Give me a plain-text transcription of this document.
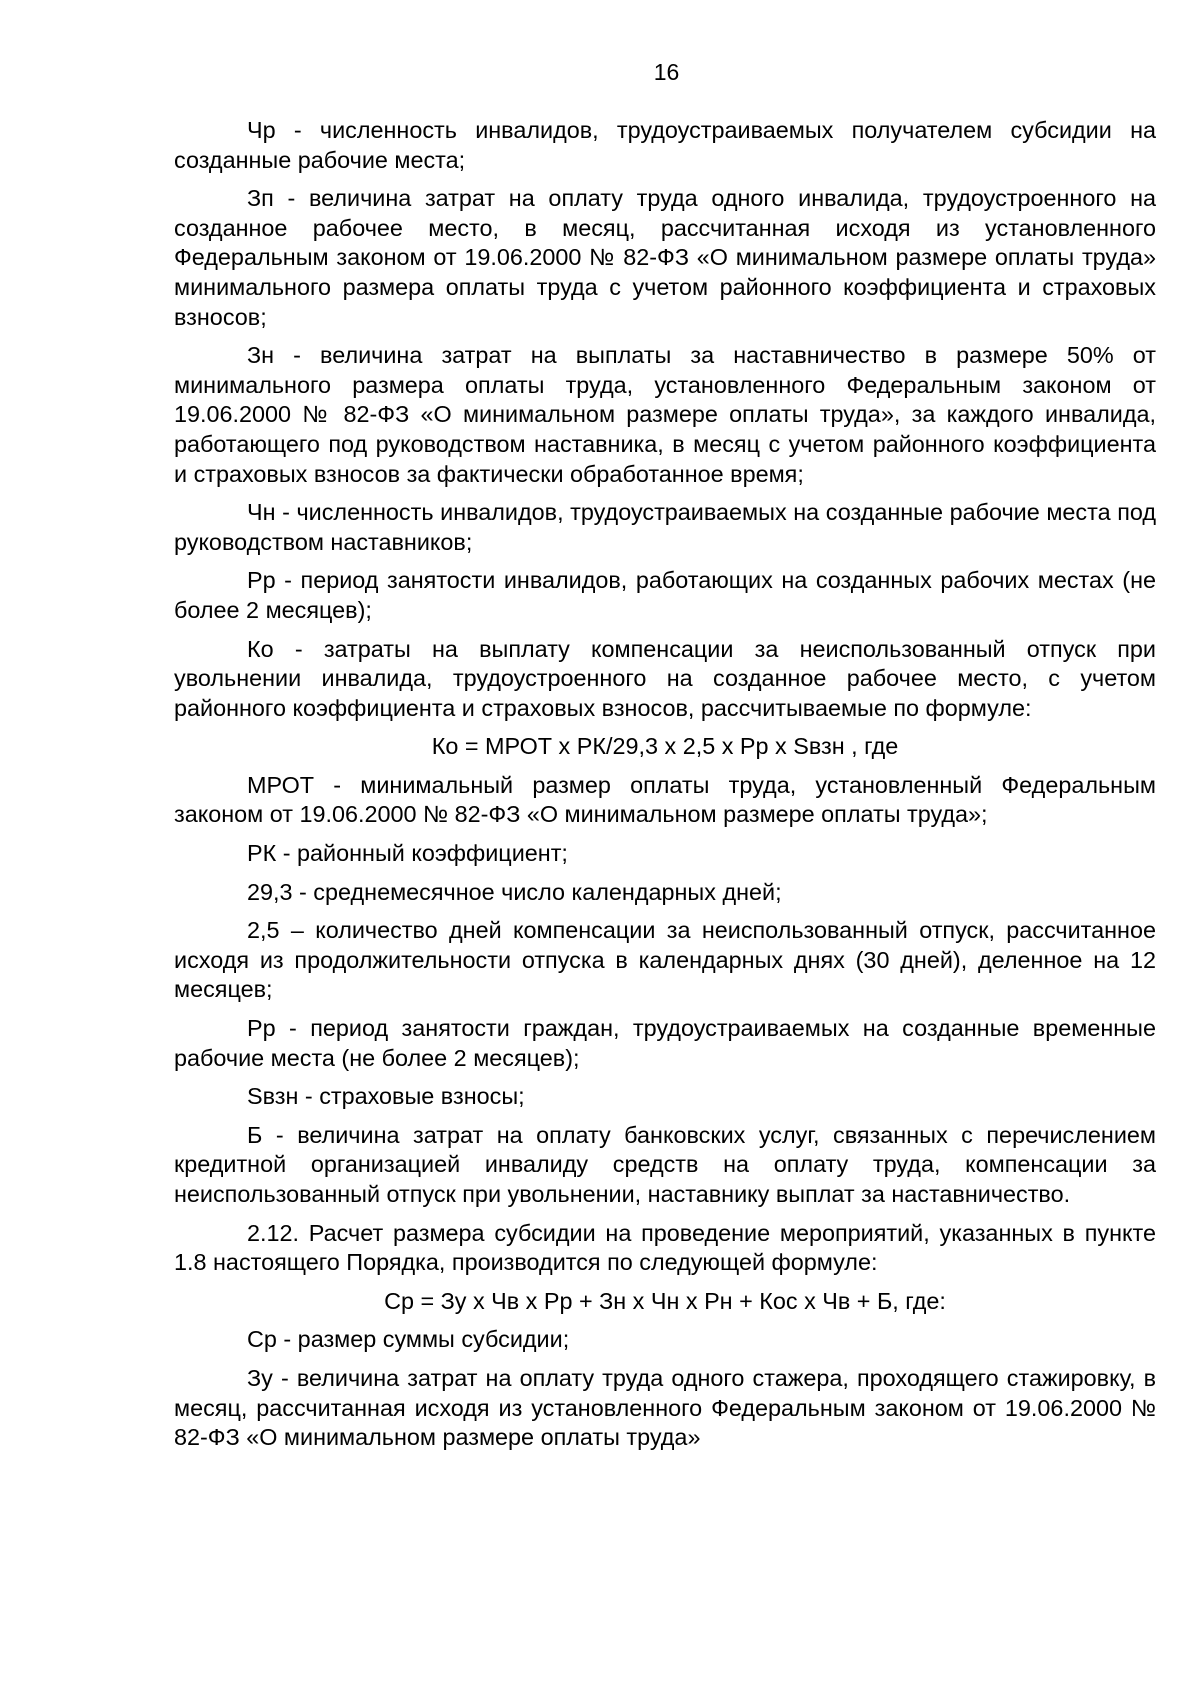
16

Чр - численность инвалидов, трудоустраиваемых получателем субсидии на созданные рабочие места;

Зп - величина затрат на оплату труда одного инвалида, трудоустроенного на созданное рабочее место, в месяц, рассчитанная исходя из установленного Федеральным законом от 19.06.2000 № 82-ФЗ «О минимальном размере оплаты труда» минимального размера оплаты труда с учетом районного коэффициента и страховых взносов;

Зн - величина затрат на выплаты за наставничество в размере 50% от минимального размера оплаты труда, установленного Федеральным законом от 19.06.2000 № 82-ФЗ «О минимальном размере оплаты труда», за каждого инвалида, работающего под руководством наставника, в месяц с учетом районного коэффициента и страховых взносов за фактически обработанное время;

Чн - численность инвалидов, трудоустраиваемых на созданные рабочие места под руководством наставников;

Рр - период занятости инвалидов, работающих на созданных рабочих местах (не более 2 месяцев);

Ко - затраты на выплату компенсации за неиспользованный отпуск при увольнении инвалида, трудоустроенного на созданное рабочее место, с учетом районного коэффициента и страховых взносов, рассчитываемые по формуле:

Ко = МРОТ х РК/29,3 х 2,5 х Рр х Sвзн , где

МРОТ - минимальный размер оплаты труда, установленный Федеральным законом от 19.06.2000 № 82-ФЗ «О минимальном размере оплаты труда»;

РК - районный коэффициент;

29,3 - среднемесячное число календарных дней;

2,5 – количество дней компенсации за неиспользованный отпуск, рассчитанное исходя из продолжительности отпуска в календарных днях (30 дней), деленное на 12 месяцев;

Рр - период занятости граждан, трудоустраиваемых на созданные временные рабочие места (не более 2 месяцев);

Sвзн - страховые взносы;

Б - величина затрат на оплату банковских услуг, связанных с перечислением кредитной организацией инвалиду средств на оплату труда, компенсации за неиспользованный отпуск при увольнении, наставнику выплат за наставничество.

2.12. Расчет размера субсидии на проведение мероприятий, указанных в пункте 1.8 настоящего Порядка, производится по следующей формуле:

Ср = Зу х Чв х Рр + Зн х Чн х Рн + Кос х Чв + Б, где:

Ср - размер суммы субсидии;

Зу - величина затрат на оплату труда одного стажера, проходящего стажировку, в месяц, рассчитанная исходя из установленного Федеральным законом от 19.06.2000 № 82-ФЗ «О минимальном размере оплаты труда»
